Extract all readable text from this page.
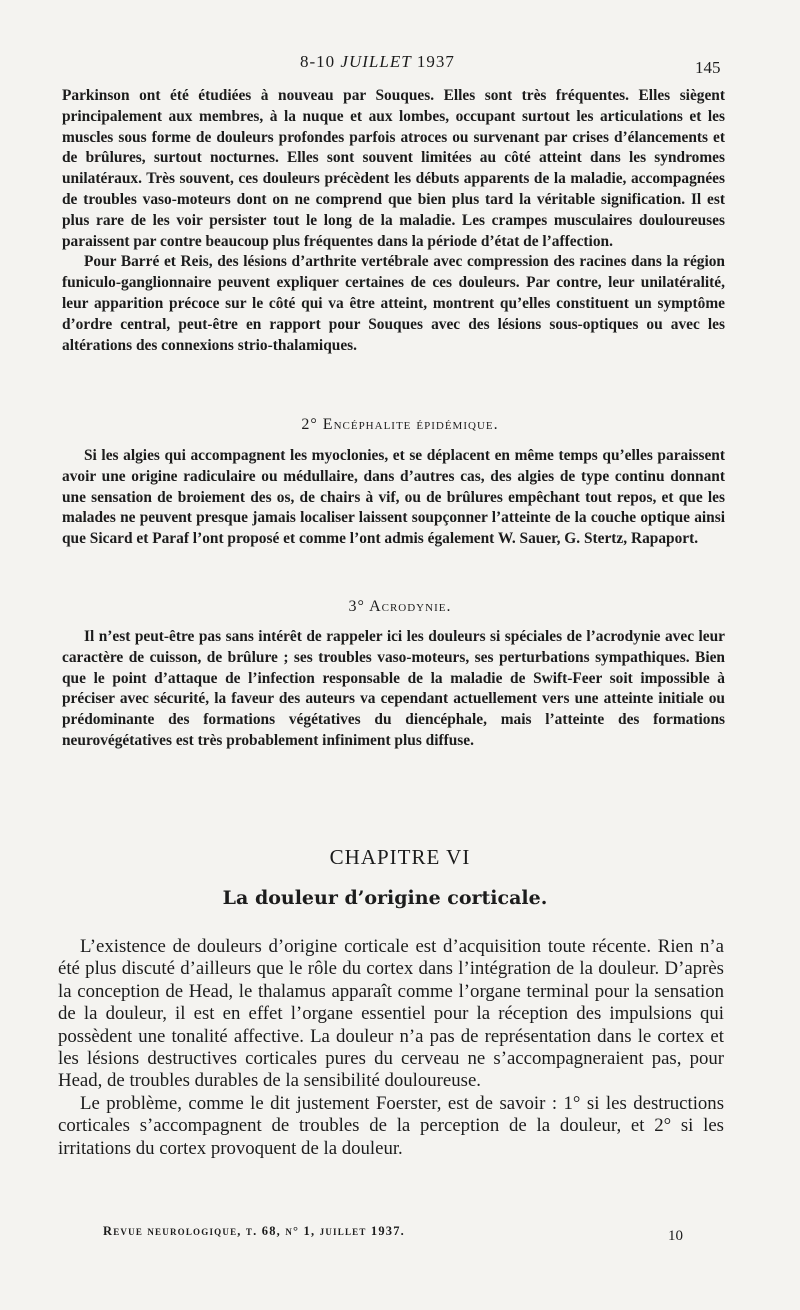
8-10 JUILLET 1937	145

Parkinson ont été étudiées à nouveau par Souques. Elles sont très fréquentes. Elles siègent principalement aux membres, à la nuque et aux lombes, occupant surtout les articulations et les muscles sous forme de douleurs profondes parfois atroces ou survenant par crises d’élancements et de brûlures, surtout nocturnes. Elles sont souvent limitées au côté atteint dans les syndromes unilatéraux. Très souvent, ces douleurs précèdent les débuts apparents de la maladie, accompagnées de troubles vaso-moteurs dont on ne comprend que bien plus tard la véritable signification. Il est plus rare de les voir persister tout le long de la maladie. Les crampes musculaires douloureuses paraissent par contre beaucoup plus fréquentes dans la période d’état de l’affection.

Pour Barré et Reis, des lésions d’arthrite vertébrale avec compression des racines dans la région funiculo-ganglionnaire peuvent expliquer certaines de ces douleurs. Par contre, leur unilatéralité, leur apparition précoce sur le côté qui va être atteint, montrent qu’elles constituent un symptôme d’ordre central, peut-être en rapport pour Souques avec des lésions sous-optiques ou avec les altérations des connexions strio-thalamiques.

2° Encéphalite épidémique.

Si les algies qui accompagnent les myoclonies, et se déplacent en même temps qu’elles paraissent avoir une origine radiculaire ou médullaire, dans d’autres cas, des algies de type continu donnant une sensation de broiement des os, de chairs à vif, ou de brûlures empêchant tout repos, et que les malades ne peuvent presque jamais localiser laissent soupçonner l’atteinte de la couche optique ainsi que Sicard et Paraf l’ont proposé et comme l’ont admis également W. Sauer, G. Stertz, Rapaport.

3° Acrodynie.

Il n’est peut-être pas sans intérêt de rappeler ici les douleurs si spéciales de l’acrodynie avec leur caractère de cuisson, de brûlure ; ses troubles vaso-moteurs, ses perturbations sympathiques. Bien que le point d’attaque de l’infection responsable de la maladie de Swift-Feer soit impossible à préciser avec sécurité, la faveur des auteurs va cependant actuellement vers une atteinte initiale ou prédominante des formations végétatives du diencéphale, mais l’atteinte des formations neurovégétatives est très probablement infiniment plus diffuse.

CHAPITRE VI
La douleur d’origine corticale.

L’existence de douleurs d’origine corticale est d’acquisition toute récente. Rien n’a été plus discuté d’ailleurs que le rôle du cortex dans l’intégration de la douleur. D’après la conception de Head, le thalamus apparaît comme l’organe terminal pour la sensation de la douleur, il est en effet l’organe essentiel pour la réception des impulsions qui possèdent une tonalité affective. La douleur n’a pas de représentation dans le cortex et les lésions destructives corticales pures du cerveau ne s’accompagneraient pas, pour Head, de troubles durables de la sensibilité douloureuse.

Le problème, comme le dit justement Foerster, est de savoir : 1° si les destructions corticales s’accompagnent de troubles de la perception de la douleur, et 2° si les irritations du cortex provoquent de la douleur.

Revue neurologique, t. 68, n° 1, juillet 1937.	10
